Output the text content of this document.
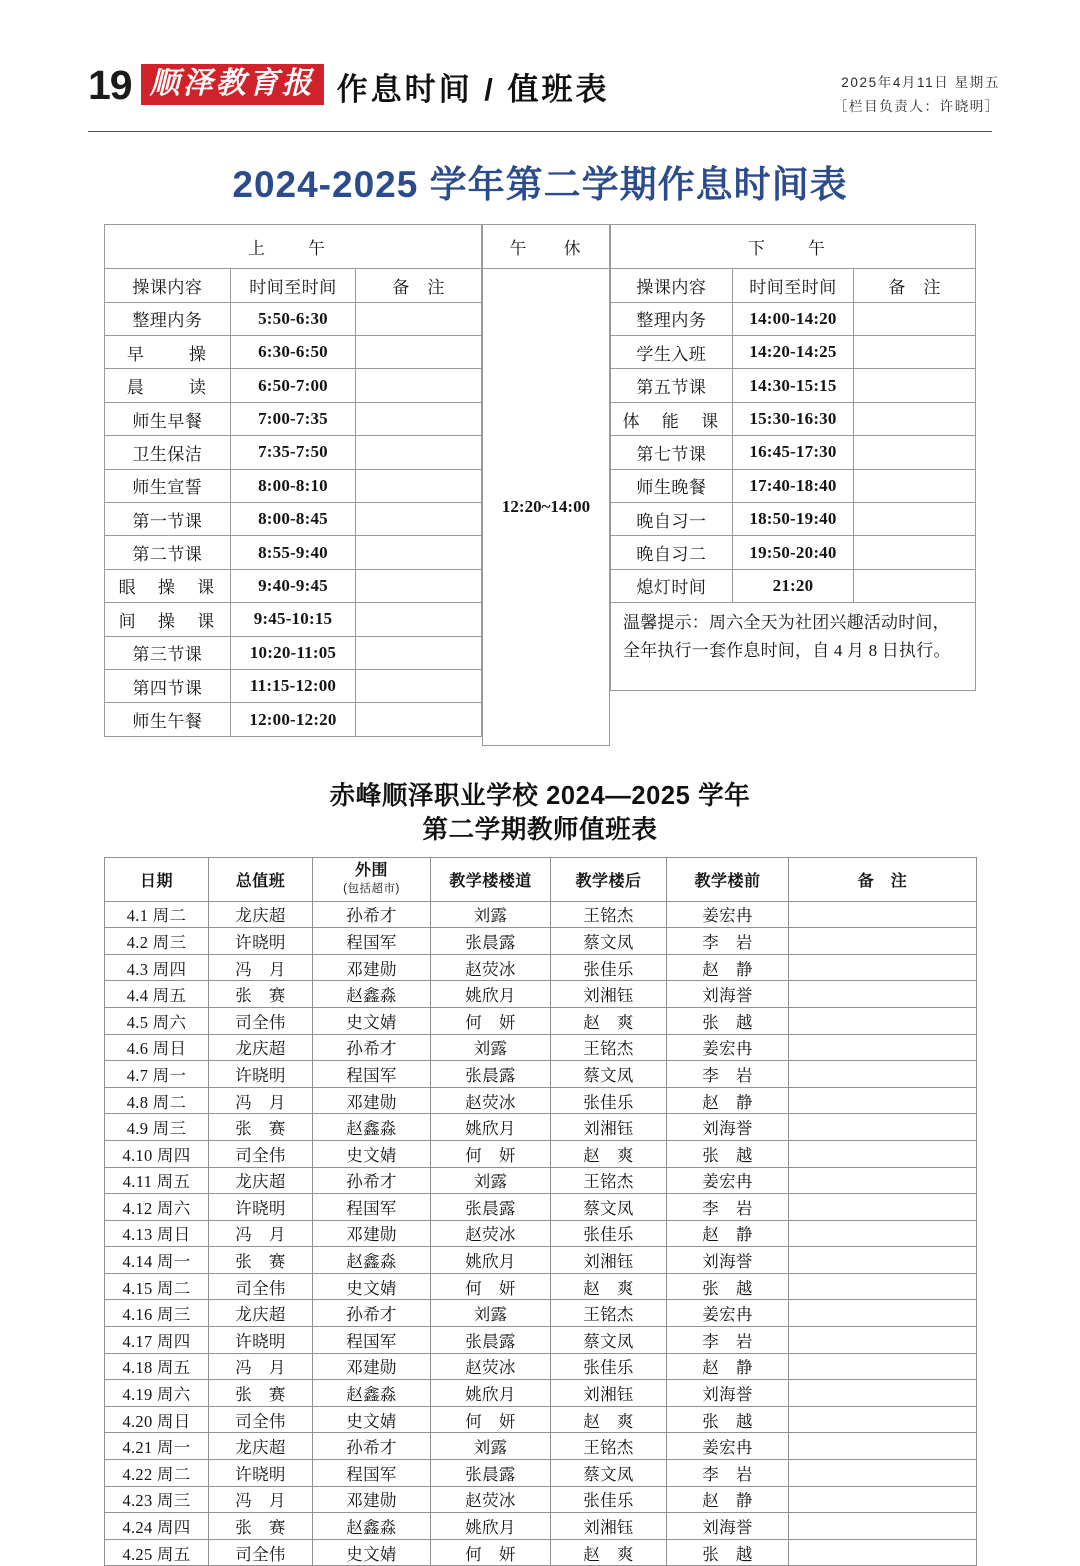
19 顺泽教育报 作息时间 / 值班表	2025年4月11日 星期五
［栏目负责人：许晓明］
2024-2025 学年第二学期作息时间表
上　午		
操课内容	时间至时间	备　注
整理内务	5:50-6:30	
早　操	6:30-6:50	
晨　读	6:50-7:00	
师生早餐	7:00-7:35	
卫生保洁	7:35-7:50	
师生宣誓	8:00-8:10	
第一节课	8:00-8:45	
第二节课	8:55-9:40	
眼 操 课	9:40-9:45	
间 操 课	9:45-10:15	
第三节课	10:20-11:05	
第四节课	11:15-12:00	
师生午餐	12:00-12:20	
午　休
12:20~14:00
下　午		
操课内容	时间至时间	备　注
整理内务	14:00-14:20	
学生入班	14:20-14:25	
第五节课	14:30-15:15	
体 能 课	15:30-16:30	
第七节课	16:45-17:30	
师生晚餐	17:40-18:40	
晚自习一	18:50-19:40	
晚自习二	19:50-20:40	
熄灯时间	21:20	
温馨提示：周六全天为社团兴趣活动时间，全年执行一套作息时间，自 4 月 8 日执行。		
赤峰顺泽职业学校 2024—2025 学年
第二学期教师值班表
日期	总值班	外围
(包括超市)	教学楼楼道	教学楼后	教学楼前	备　注
4.1 周二	龙庆超	孙希才	刘露	王铭杰	姜宏冉	
4.2 周三	许晓明	程国军	张晨露	蔡文凤	李　岩	
4.3 周四	冯　月	邓建勋	赵荧冰	张佳乐	赵　静	
4.4 周五	张　赛	赵鑫淼	姚欣月	刘湘钰	刘海誉	
4.5 周六	司全伟	史文婧	何　妍	赵　爽	张　越	
4.6 周日	龙庆超	孙希才	刘露	王铭杰	姜宏冉	
4.7 周一	许晓明	程国军	张晨露	蔡文凤	李　岩	
4.8 周二	冯　月	邓建勋	赵荧冰	张佳乐	赵　静	
4.9 周三	张　赛	赵鑫淼	姚欣月	刘湘钰	刘海誉	
4.10 周四	司全伟	史文婧	何　妍	赵　爽	张　越	
4.11 周五	龙庆超	孙希才	刘露	王铭杰	姜宏冉	
4.12 周六	许晓明	程国军	张晨露	蔡文凤	李　岩	
4.13 周日	冯　月	邓建勋	赵荧冰	张佳乐	赵　静	
4.14 周一	张　赛	赵鑫淼	姚欣月	刘湘钰	刘海誉	
4.15 周二	司全伟	史文婧	何　妍	赵　爽	张　越	
4.16 周三	龙庆超	孙希才	刘露	王铭杰	姜宏冉	
4.17 周四	许晓明	程国军	张晨露	蔡文凤	李　岩	
4.18 周五	冯　月	邓建勋	赵荧冰	张佳乐	赵　静	
4.19 周六	张　赛	赵鑫淼	姚欣月	刘湘钰	刘海誉	
4.20 周日	司全伟	史文婧	何　妍	赵　爽	张　越	
4.21 周一	龙庆超	孙希才	刘露	王铭杰	姜宏冉	
4.22 周二	许晓明	程国军	张晨露	蔡文凤	李　岩	
4.23 周三	冯　月	邓建勋	赵荧冰	张佳乐	赵　静	
4.24 周四	张　赛	赵鑫淼	姚欣月	刘湘钰	刘海誉	
4.25 周五	司全伟	史文婧	何　妍	赵　爽	张　越	
